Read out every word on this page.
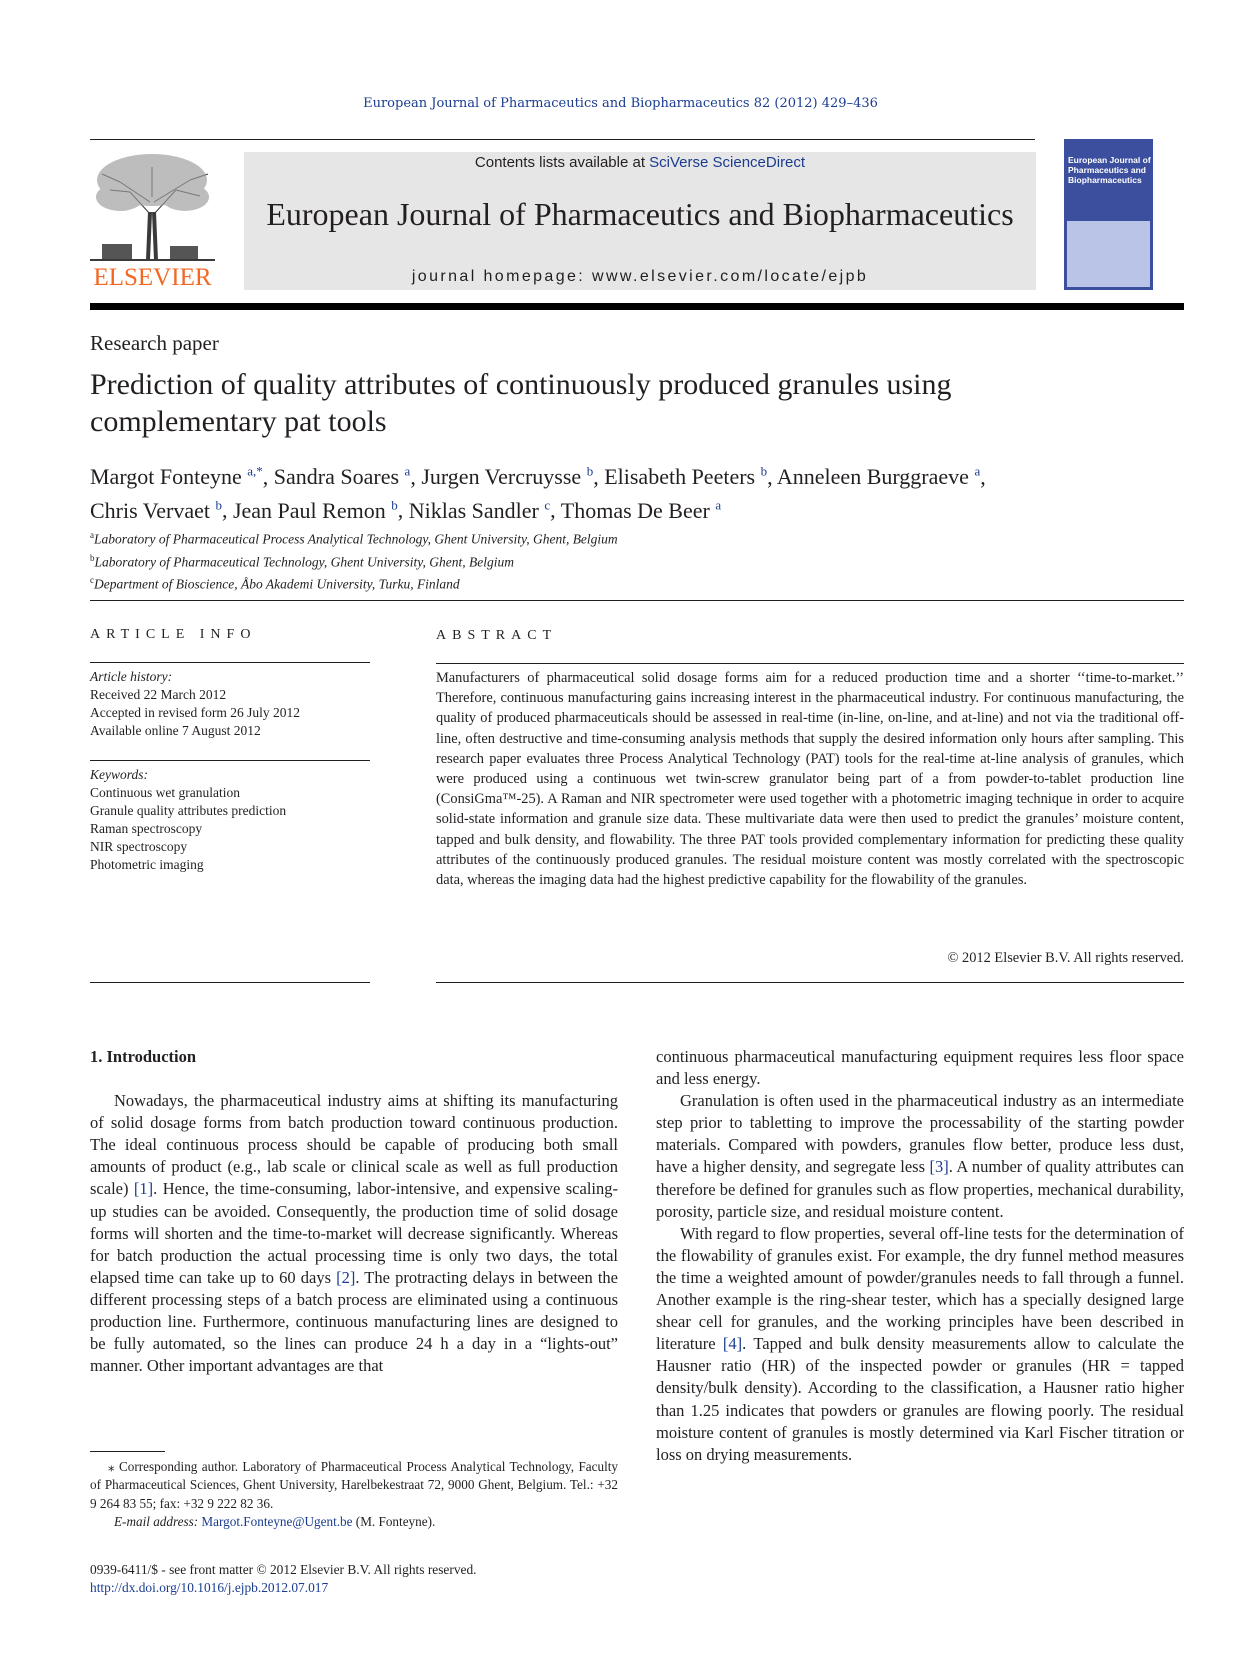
European Journal of Pharmaceutics and Biopharmaceutics 82 (2012) 429–436
ELSEVIER
Contents lists available at SciVerse ScienceDirect
European Journal of Pharmaceutics and Biopharmaceutics
journal homepage: www.elsevier.com/locate/ejpb
European Journal of Pharmaceutics and Biopharmaceutics
Research paper
Prediction of quality attributes of continuously produced granules using complementary pat tools
Margot Fonteyne $^{a,*}$, Sandra Soares $^a$, Jurgen Vercruysse $^b$, Elisabeth Peeters $^b$, Anneleen Burggraeve $^a$,
Chris Vervaet $^b$, Jean Paul Remon $^b$, Niklas Sandler $^c$, Thomas De Beer $^a$
$^a$Laboratory of Pharmaceutical Process Analytical Technology, Ghent University, Ghent, Belgium
$^b$Laboratory of Pharmaceutical Technology, Ghent University, Ghent, Belgium
$^c$Department of Bioscience, Åbo Akademi University, Turku, Finland
ARTICLE INFO
Article history:
Received 22 March 2012
Accepted in revised form 26 July 2012
Available online 7 August 2012
Keywords:
Continuous wet granulation
Granule quality attributes prediction
Raman spectroscopy
NIR spectroscopy
Photometric imaging
ABSTRACT
Manufacturers of pharmaceutical solid dosage forms aim for a reduced production time and a shorter ‘‘time-to-market.’’ Therefore, continuous manufacturing gains increasing interest in the pharmaceutical industry. For continuous manufacturing, the quality of produced pharmaceuticals should be assessed in real-time (in-line, on-line, and at-line) and not via the traditional off-line, often destructive and time-consuming analysis methods that supply the desired information only hours after sampling. This research paper evaluates three Process Analytical Technology (PAT) tools for the real-time at-line analysis of granules, which were produced using a continuous wet twin-screw granulator being part of a from powder-to-tablet production line (ConsiGma™-25). A Raman and NIR spectrometer were used together with a photometric imaging technique in order to acquire solid-state information and granule size data. These multivariate data were then used to predict the granules’ moisture content, tapped and bulk density, and flowability. The three PAT tools provided complementary information for predicting these quality attributes of the continuously produced granules. The residual moisture content was mostly correlated with the spectroscopic data, whereas the imaging data had the highest predictive capability for the flowability of the granules.
© 2012 Elsevier B.V. All rights reserved.
1. Introduction

Nowadays, the pharmaceutical industry aims at shifting its manufacturing of solid dosage forms from batch production toward continuous production. The ideal continuous process should be capable of producing both small amounts of product (e.g., lab scale or clinical scale as well as full production scale) [1]. Hence, the time-consuming, labor-intensive, and expensive scaling-up studies can be avoided. Consequently, the production time of solid dosage forms will shorten and the time-to-market will decrease significantly. Whereas for batch production the actual processing time is only two days, the total elapsed time can take up to 60 days [2]. The protracting delays in between the different processing steps of a batch process are eliminated using a continuous production line. Furthermore, continuous manufacturing lines are designed to be fully automated, so the lines can produce 24 h a day in a “lights-out” manner. Other important advantages are that

continuous pharmaceutical manufacturing equipment requires less floor space and less energy.

Granulation is often used in the pharmaceutical industry as an intermediate step prior to tabletting to improve the processability of the starting powder materials. Compared with powders, granules flow better, produce less dust, have a higher density, and segregate less [3]. A number of quality attributes can therefore be defined for granules such as flow properties, mechanical durability, porosity, particle size, and residual moisture content.

With regard to flow properties, several off-line tests for the determination of the flowability of granules exist. For example, the dry funnel method measures the time a weighted amount of powder/granules needs to fall through a funnel. Another example is the ring-shear tester, which has a specially designed large shear cell for granules, and the working principles have been described in literature [4]. Tapped and bulk density measurements allow to calculate the Hausner ratio (HR) of the inspected powder or granules (HR = tapped density/bulk density). According to the classification, a Hausner ratio higher than 1.25 indicates that powders or granules are flowing poorly. The residual moisture content of granules is mostly determined via Karl Fischer titration or loss on drying measurements.

⁎ Corresponding author. Laboratory of Pharmaceutical Process Analytical Technology, Faculty of Pharmaceutical Sciences, Ghent University, Harelbekestraat 72, 9000 Ghent, Belgium. Tel.: +32 9 264 83 55; fax: +32 9 222 82 36.
E-mail address: Margot.Fonteyne@Ugent.be (M. Fonteyne).
0939-6411/$ - see front matter © 2012 Elsevier B.V. All rights reserved.
http://dx.doi.org/10.1016/j.ejpb.2012.07.017
